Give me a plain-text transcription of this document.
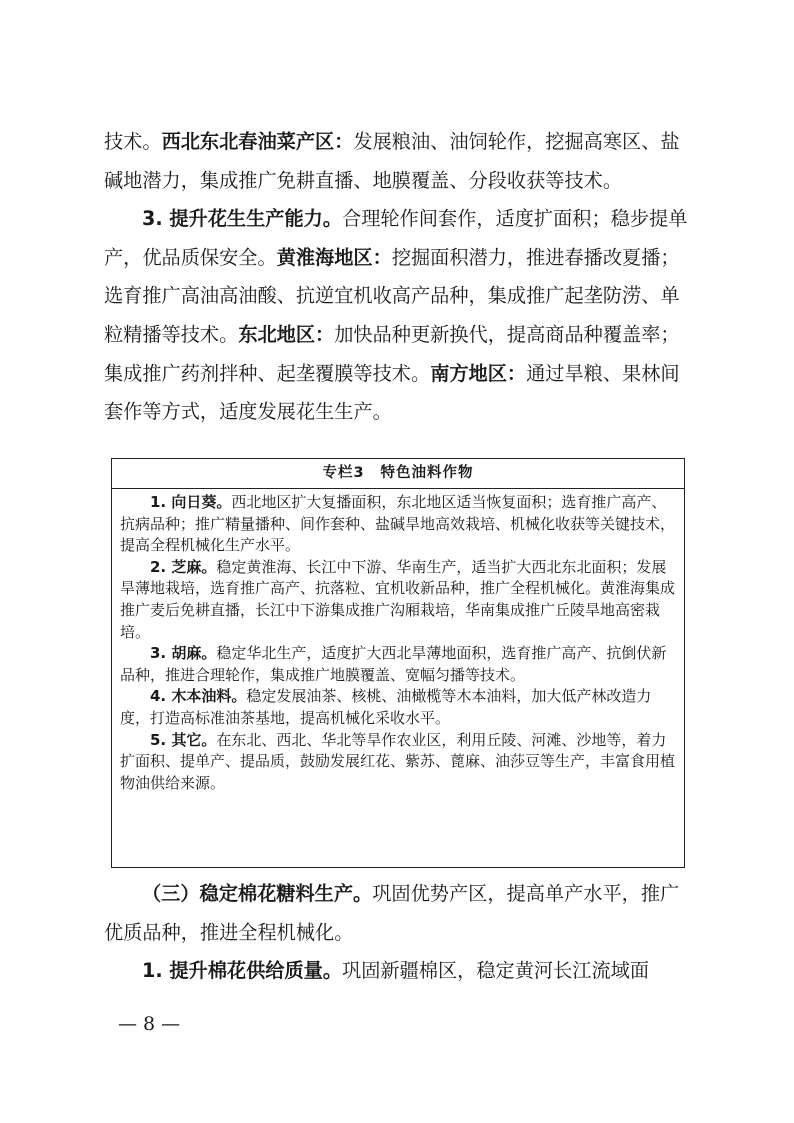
技术。西北东北春油菜产区：发展粮油、油饲轮作，挖掘高寒区、盐碱地潜力，集成推广免耕直播、地膜覆盖、分段收获等技术。

3. 提升花生生产能力。合理轮作间套作，适度扩面积；稳步提单产，优品质保安全。黄淮海地区：挖掘面积潜力，推进春播改夏播；选育推广高油高油酸、抗逆宜机收高产品种，集成推广起垄防涝、单粒精播等技术。东北地区：加快品种更新换代，提高商品种覆盖率；集成推广药剂拌种、起垄覆膜等技术。南方地区：通过旱粮、果林间套作等方式，适度发展花生生产。

专栏3 特色油料作物

1. 向日葵。西北地区扩大复播面积，东北地区适当恢复面积；选育推广高产、抗病品种；推广精量播种、间作套种、盐碱旱地高效栽培、机械化收获等关键技术，提高全程机械化生产水平。

2. 芝麻。稳定黄淮海、长江中下游、华南生产，适当扩大西北东北面积；发展旱薄地栽培，选育推广高产、抗落粒、宜机收新品种，推广全程机械化。黄淮海集成推广麦后免耕直播，长江中下游集成推广沟厢栽培，华南集成推广丘陵旱地高密栽培。

3. 胡麻。稳定华北生产，适度扩大西北旱薄地面积，选育推广高产、抗倒伏新品种，推进合理轮作，集成推广地膜覆盖、宽幅匀播等技术。

4. 木本油料。稳定发展油茶、核桃、油橄榄等木本油料，加大低产林改造力度，打造高标准油茶基地，提高机械化采收水平。

5. 其它。在东北、西北、华北等旱作农业区，利用丘陵、河滩、沙地等，着力扩面积、提单产、提品质，鼓励发展红花、紫苏、蓖麻、油莎豆等生产，丰富食用植物油供给来源。

（三）稳定棉花糖料生产。巩固优势产区，提高单产水平，推广优质品种，推进全程机械化。

1. 提升棉花供给质量。巩固新疆棉区，稳定黄河长江流域面

— 8 —
